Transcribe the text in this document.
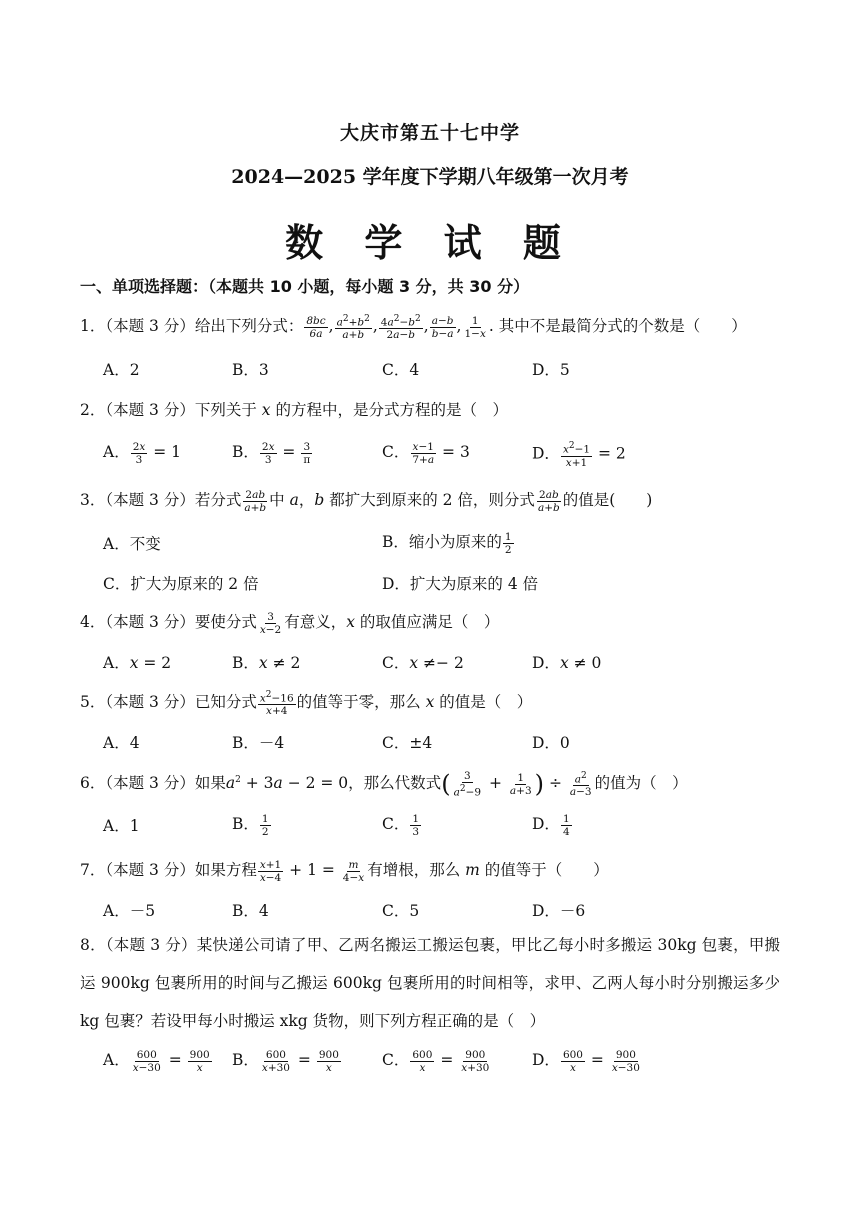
大庆市第五十七中学
2024—2025 学年度下学期八年级第一次月考
数 学 试 题
一、单项选择题：（本题共 10 小题，每小题 3 分，共 30 分）
1．（本题 3 分）给出下列分式： $\frac{8bc}{6a}$ , $\frac{a^2+b^2}{a+b}$ , $\frac{4a^2-b^2}{2a-b}$ , $\frac{a-b}{b-a}$ , $\frac{1}{1-x}$ . 其中不是最简分式的个数是（　　）
A．2	B．3	C．4	D．5
2．（本题 3 分）下列关于 x 的方程中，是分式方程的是（　）
A． $\frac{2x}{3} = 1$	B． $\frac{2x}{3} = \frac{3}{\pi}$	C． $\frac{x-1}{7+a} = 3$	D． $\frac{x^2-1}{x+1} = 2$
3．（本题 3 分）若分式 $\frac{2ab}{a+b}$ 中 a，b 都扩大到原来的 2 倍，则分式 $\frac{2ab}{a+b}$ 的值是(　　)
A．不变	B．缩小为原来的 $\frac{1}{2}$
C．扩大为原来的 2 倍	D．扩大为原来的 4 倍
4．（本题 3 分）要使分式 $\frac{3}{x-2}$ 有意义，x 的取值应满足（　）
A．x = 2	B．x ≠ 2	C．x ≠− 2	D．x ≠ 0
5．（本题 3 分）已知分式 $\frac{x^2-16}{x+4}$ 的值等于零，那么 x 的值是（　）
A．4	B．－4	C．±4	D．0
6．（本题 3 分）如果$a^2 + 3a - 2 = 0$，那么代数式( $\frac{3}{a^2-9} + \frac{1}{a+3}$ ) ÷ $\frac{a^2}{a-3}$ 的值为（　）
A．1	B． $\frac{1}{2}$	C． $\frac{1}{3}$	D． $\frac{1}{4}$
7．（本题 3 分）如果方程 $\frac{x+1}{x-4} + 1 = \frac{m}{4-x}$ 有增根，那么 m 的值等于（　　）
A．－5	B．4	C．5	D．－6
8．（本题 3 分）某快递公司请了甲、乙两名搬运工搬运包裹，甲比乙每小时多搬运 30kg 包裹，甲搬运 900kg 包裹所用的时间与乙搬运 600kg 包裹所用的时间相等，求甲、乙两人每小时分别搬运多少 kg 包裹？若设甲每小时搬运 xkg 货物，则下列方程正确的是（　）
A． $\frac{600}{x-30} = \frac{900}{x}$ B． $\frac{600}{x+30} = \frac{900}{x}$	C． $\frac{600}{x} = \frac{900}{x+30}$	D． $\frac{600}{x} = \frac{900}{x-30}$
